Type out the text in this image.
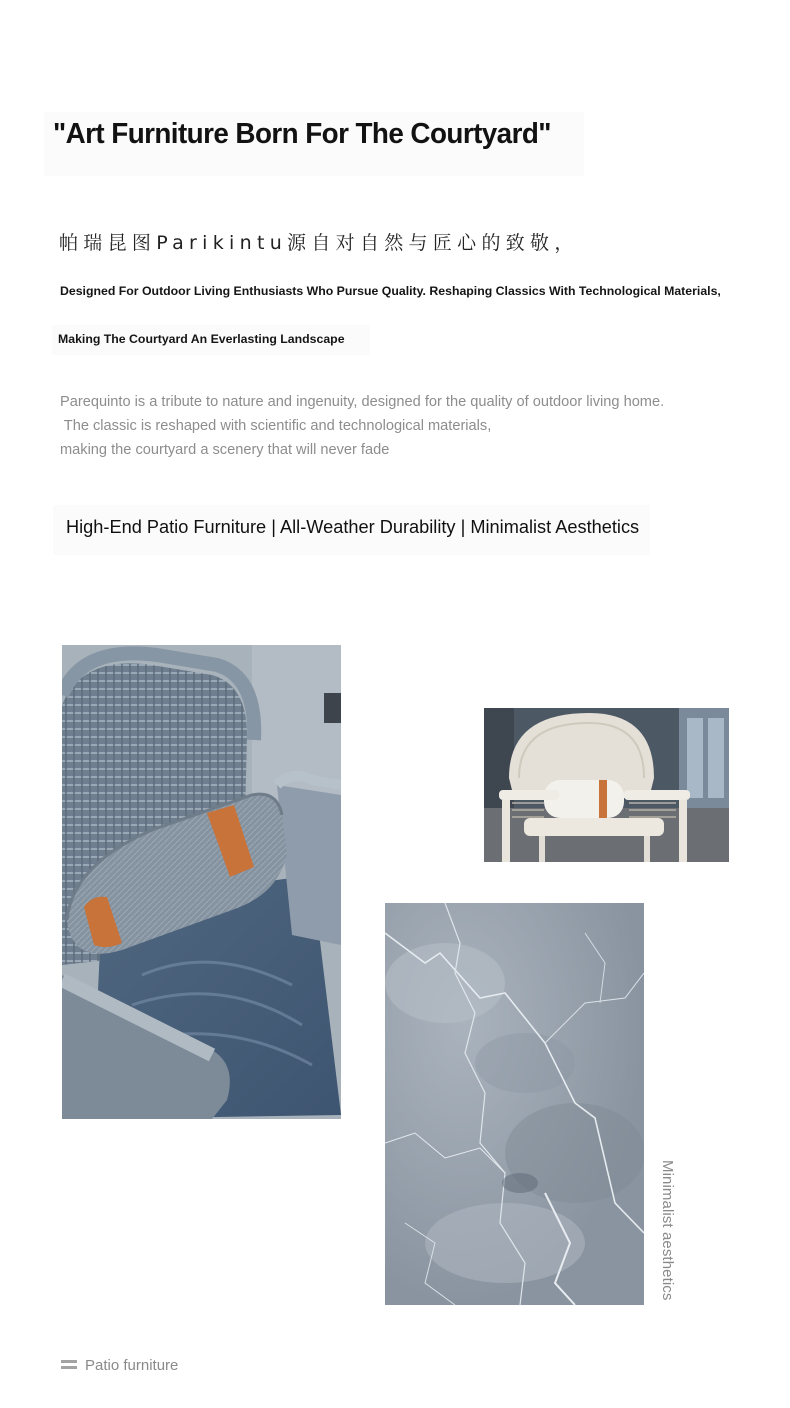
"Art Furniture Born For The Courtyard"
帕瑞昆图Parikintu源自对自然与匠心的致敬，
Designed For Outdoor Living Enthusiasts Who Pursue Quality. Reshaping Classics With Technological Materials,
Making The Courtyard An Everlasting Landscape
Parequinto is a tribute to nature and ingenuity, designed for the quality of outdoor living home.
The classic is reshaped with scientific and technological materials,
making the courtyard a scenery that will never fade
High-End Patio Furniture | All-Weather Durability | Minimalist Aesthetics
Minimalist aesthetics
Patio furniture
